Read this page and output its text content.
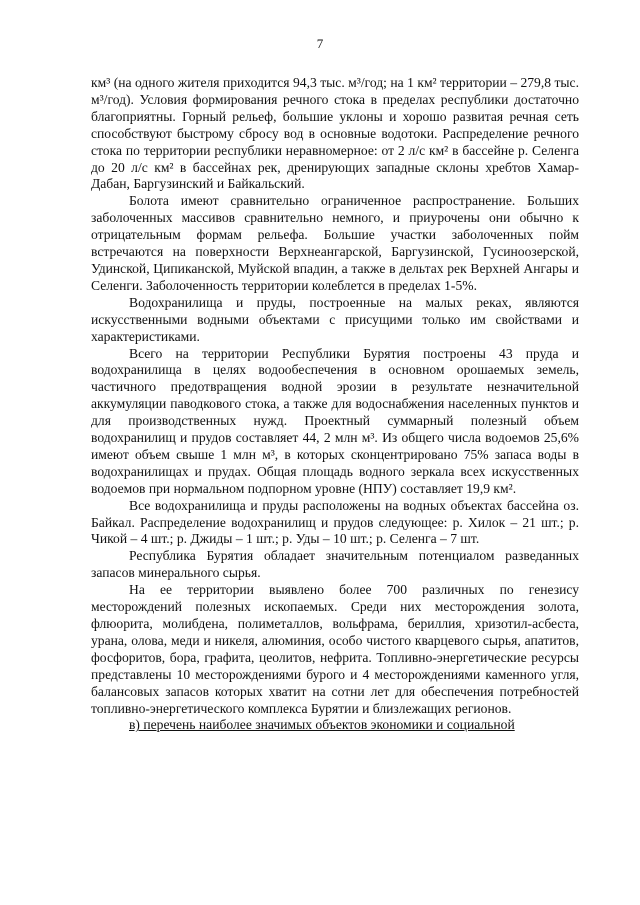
7

км³ (на одного жителя приходится 94,3 тыс. м³/год; на 1 км² территории – 279,8 тыс. м³/год). Условия формирования речного стока в пределах республики достаточно благоприятны. Горный рельеф, большие уклоны и хорошо развитая речная сеть способствуют быстрому сбросу вод в основные водотоки. Распределение речного стока по территории республики неравномерное: от 2 л/с км² в бассейне р. Селенга до 20 л/с км² в бассейнах рек, дренирующих западные склоны хребтов Хамар-Дабан, Баргузинский и Байкальский.

Болота имеют сравнительно ограниченное распространение. Больших заболоченных массивов сравнительно немного, и приурочены они обычно к отрицательным формам рельефа. Большие участки заболоченных пойм встречаются на поверхности Верхнеангарской, Баргузинской, Гусиноозерской, Удинской, Ципиканской, Муйской впадин, а также в дельтах рек Верхней Ангары и Селенги. Заболоченность территории колеблется в пределах 1-5%.

Водохранилища и пруды, построенные на малых реках, являются искусственными водными объектами с присущими только им свойствами и характеристиками.

Всего на территории Республики Бурятия построены 43 пруда и водохранилища в целях водообеспечения в основном орошаемых земель, частичного предотвращения водной эрозии в результате незначительной аккумуляции паводкового стока, а также для водоснабжения населенных пунктов и для производственных нужд. Проектный суммарный полезный объем водохранилищ и прудов составляет 44, 2 млн м³. Из общего числа водоемов 25,6% имеют объем свыше 1 млн м³, в которых сконцентрировано 75% запаса воды в водохранилищах и прудах. Общая площадь водного зеркала всех искусственных водоемов при нормальном подпорном уровне (НПУ) составляет 19,9 км².

Все водохранилища и пруды расположены на водных объектах бассейна оз. Байкал. Распределение водохранилищ и прудов следующее: р. Хилок – 21 шт.; р. Чикой – 4 шт.; р. Джиды – 1 шт.; р. Уды – 10 шт.; р. Селенга – 7 шт.

Республика Бурятия обладает значительным потенциалом разведанных запасов минерального сырья.

На ее территории выявлено более 700 различных по генезису месторождений полезных ископаемых. Среди них месторождения золота, флюорита, молибдена, полиметаллов, вольфрама, бериллия, хризотил-асбеста, урана, олова, меди и никеля, алюминия, особо чистого кварцевого сырья, апатитов, фосфоритов, бора, графита, цеолитов, нефрита. Топливно-энергетические ресурсы представлены 10 месторождениями бурого и 4 месторождениями каменного угля, балансовых запасов которых хватит на сотни лет для обеспечения потребностей топливно-энергетического комплекса Бурятии и близлежащих регионов.

в) перечень наиболее значимых объектов экономики и социальной
